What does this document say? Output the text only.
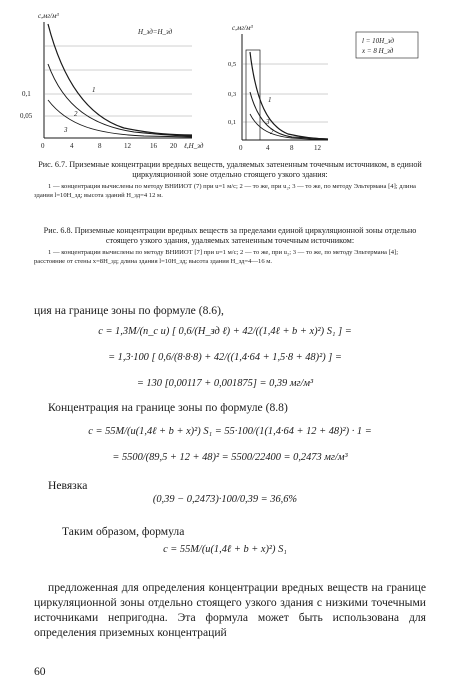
c,мг/м³
0,1
0,05
Н_зд=H_зд
1
2
3
0	4	8	12	16 20 ℓ,H_зд
с,мг/м³
0,5
0,3
0,1
1
3
2
0	4	8	12
l = 10H_зд
x = 8 H_зд
Рис. 6.7. Приземные концентрации вредных веществ, удаляемых затененным точечным источником, в единой циркуляционной зоне отдельно стоящего узкого здания:
1 — концентрация вычислены по методу ВНИИОТ (7) при u=1 м/с; 2 — то же, при u₂; 3 — то же, по методу Эльтермана [4]; длина здания l=10H_зд; высота зданий H_зд=4 12 м.
Рис. 6.8. Приземные концентрации вредных веществ за пределами единой циркуляционной зоны отдельно стоящего узкого здания, удаляемых затененным точечным источником:
1 — концентрации вычислены по методу ВНИИОТ [7] при u=1 м/с; 2 — то же, при u₂; 3 — то же, по методу Эльтермана [4]; расстояние от стены x=8H_зд; длина здания l=10H_зд; высота здания H_зд=4—16 м.
ция на границе зоны по формуле (8.6),
c = 1,3M/(n_c u) [ 0,6/(H_зд ℓ) + 42/((1,4ℓ + b + x)²) S₁ ] =
= 1,3·100 [ 0,6/(8·8·8) + 42/((1,4·64 + 1,5·8 + 48)²) ] =
= 130 [0,00117 + 0,001875] = 0,39 мг/м³
Концентрация на границе зоны по формуле (8.8)
c = 55M/(u(1,4ℓ + b + x)²) S₁ = 55·100/(1(1,4·64 + 12 + 48)²) · 1 =
= 5500/(89,5 + 12 + 48)² = 5500/22400 = 0,2473 мг/м³
Невязка
(0,39 − 0,2473)·100/0,39 = 36,6%
Таким образом, формула
c = 55M/(u(1,4ℓ + b + x)²) S₁
предложенная для определения концентрации вредных веществ на границе циркуляционной зоны отдельно стоящего узкого здания с низкими точечными источниками непригодна. Эта формула может быть использована для определения приземных концентраций
60
